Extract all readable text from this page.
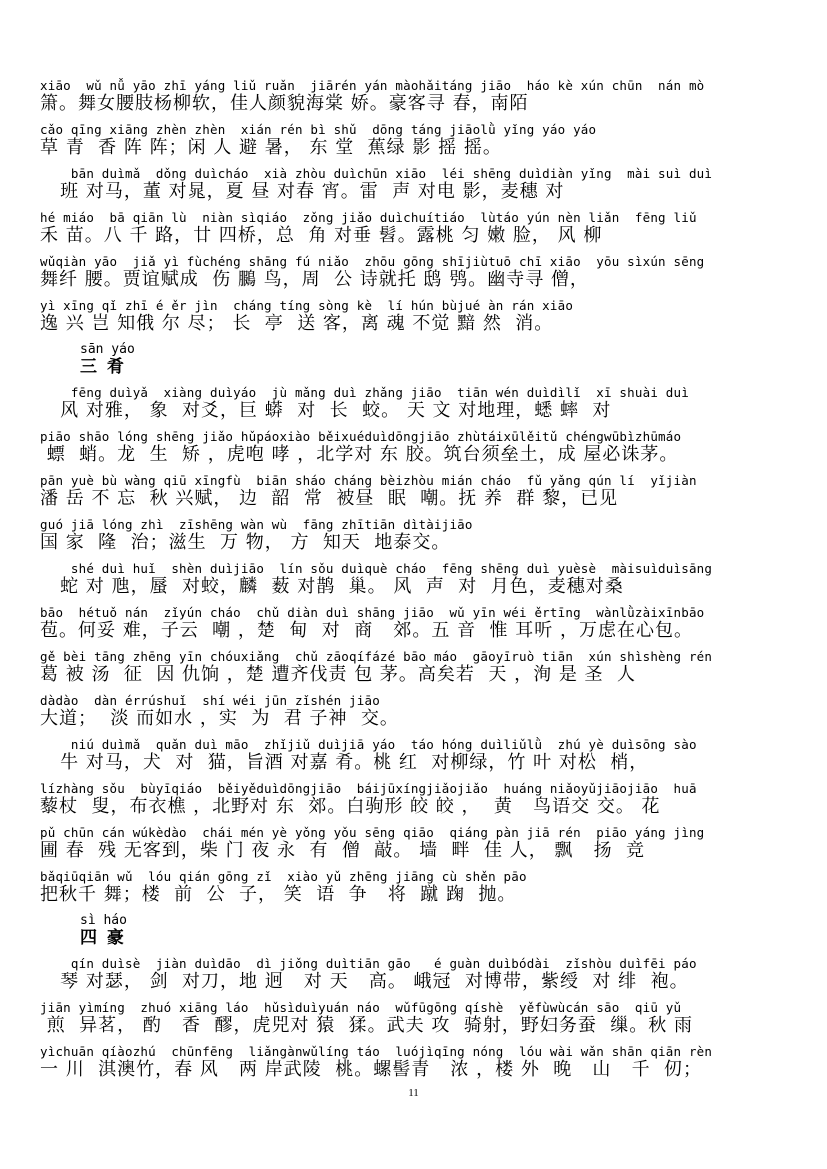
xiāo  wǔ nǚ yāo zhī yáng liǔ ruǎn  jiārén yán màohǎitáng jiāo  háo kè xún chūn  nán mò
箫。舞女腰肢杨柳软，佳人颜貌海棠 娇。豪客寻 春，南陌
cǎo qīng xiāng zhèn zhèn  xián rén bì shǔ  dōng táng jiāolǜ yǐng yáo yáo
草 青  香 阵 阵；闲 人 避 暑， 东 堂  蕉绿 影 摇 摇。
bān duìmǎ  dǒng duìcháo  xià zhòu duìchūn xiāo  léi shēng duìdiàn yǐng  mài suì duì
班 对马，董 对晁，夏 昼 对春 宵。雷  声 对电 影，麦穗 对
hé miáo  bā qiān lù  niàn sìqiáo  zǒng jiǎo duìchuítiáo  lùtáo yún nèn liǎn  fēng liǔ
禾 苗。八 千 路，廿 四桥，总  角 对垂 髫。露桃 匀 嫩 脸， 风 柳
wǔqiàn yāo  jiǎ yì fùchéng shāng fú niǎo  zhōu gōng shījiùtuō chī xiāo  yōu sìxún sēng
舞纤 腰。贾谊赋成  伤 鵩 鸟，周  公 诗就托 鸱 鸮。幽寺寻 僧，
yì xīng qǐ zhī é ěr jìn  cháng tíng sòng kè  lí hún bùjué àn rán xiāo
逸 兴 岂 知俄 尔 尽； 长  亭  送 客，离 魂 不觉 黯 然  消。
sān yáo
三 肴
fēng duìyǎ  xiàng duìyáo  jù mǎng duì zhǎng jiāo  tiān wén duìdìlǐ  xī shuài duì
风 对雅， 象  对爻，巨 蟒  对  长  蛟。 天 文 对地理，蟋 蟀  对
piāo shāo lóng shēng jiǎo hǔpáoxiào běixuéduìdōngjiāo zhùtáixūlěitǔ chéngwūbìzhūmáo
螵  蛸。龙  生  矫 ，虎咆 哮 ，北学对 东 胶。筑台须垒土，成 屋必诛茅。
pān yuè bù wàng qiū xīngfù  biān sháo cháng bèizhòu mián cháo  fǔ yǎng qún lí  yǐjiàn
潘 岳 不 忘  秋 兴赋， 边  韶  常  被昼  眠  嘲。抚 养  群 黎，已见
guó jiā lóng zhì  zīshēng wàn wù  fāng zhītiān dìtàijiāo
国 家  隆  治；滋生  万 物， 方  知天  地泰交。
shé duì huǐ  shèn duìjiāo  lín sǒu duìquè cháo  fēng shēng duì yuèsè  màisuìduìsāng
蛇 对 虺，蜃  对蛟，麟  薮 对鹊  巢。 风  声  对  月色，麦穗对桑
bāo  hétuǒ nán  zǐyún cháo  chǔ diàn duì shāng jiāo  wǔ yīn wéi ěrtīng  wànlǜzàixīnbāo
苞。何妥 难，子云  嘲 ，楚  甸  对  商   郊。五 音  惟 耳听 ，万虑在心包。
gě bèi tāng zhēng yīn chóuxiǎng  chǔ zāoqífázé bāo máo  gāoyīruò tiān  xún shìshèng rén
葛 被 汤  征  因 仇饷 ，楚 遭齐伐责 包 茅。高矣若  天 ，洵 是 圣  人
dàdào  dàn érrúshuǐ  shí wéi jūn zǐshén jiāo
大道；  淡 而如水 ，实  为  君 子神  交。
niú duìmǎ  quǎn duì māo  zhǐjiǔ duìjiā yáo  táo hóng duìliǔlǜ  zhú yè duìsōng sào
牛 对马，犬  对  猫，旨酒 对嘉 肴。桃 红  对柳绿，竹 叶 对松  梢，
lízhàng sǒu  bùyīqiáo  běiyěduìdōngjiāo  báijūxíngjiǎojiǎo  huáng niǎoyǔjiāojiāo  huā
藜杖  叟，布衣樵 ，北野对 东  郊。白驹形 皎 皎 ，  黄   鸟语交 交。 花
pǔ chūn cán wúkèdào  chái mén yè yǒng yǒu sēng qiāo  qiáng pàn jiā rén  piāo yáng jìng
圃 春  残 无客到，柴 门 夜 永  有  僧  敲。 墙  畔  佳 人， 飘   扬  竞
bǎqiūqiān wǔ  lóu qián gōng zǐ  xiào yǔ zhēng jiāng cù shěn pāo
把秋千 舞；楼  前  公  子， 笑  语  争   将  蹴 踘  抛。
sì háo
四 豪
qín duìsè  jiàn duìdāo  dì jiǒng duìtiān gāo   é guàn duìbódài  zǐshòu duìfēi páo
琴 对瑟， 剑  对刀，地 迥   对 天   高。 峨冠  对博带，紫绶  对 绯  袍。
jiān yìmíng  zhuó xiāng láo  hǔsìduìyuán náo  wǔfūgōng qíshè  yěfùwùcán sāo  qiū yǔ
煎  异茗， 酌   香  醪，虎兕对 猿  猱。武夫 攻  骑射，野妇务蚕  缫。秋 雨
yìchuān qíàozhú  chūnfēng  liǎngànwǔlíng táo  luójìqīng nóng  lóu wài wǎn shān qiān rèn
一 川  淇澳竹，春 风   两 岸武陵  桃。螺髻青   浓 ，楼 外  晚   山   千  仞；
11
